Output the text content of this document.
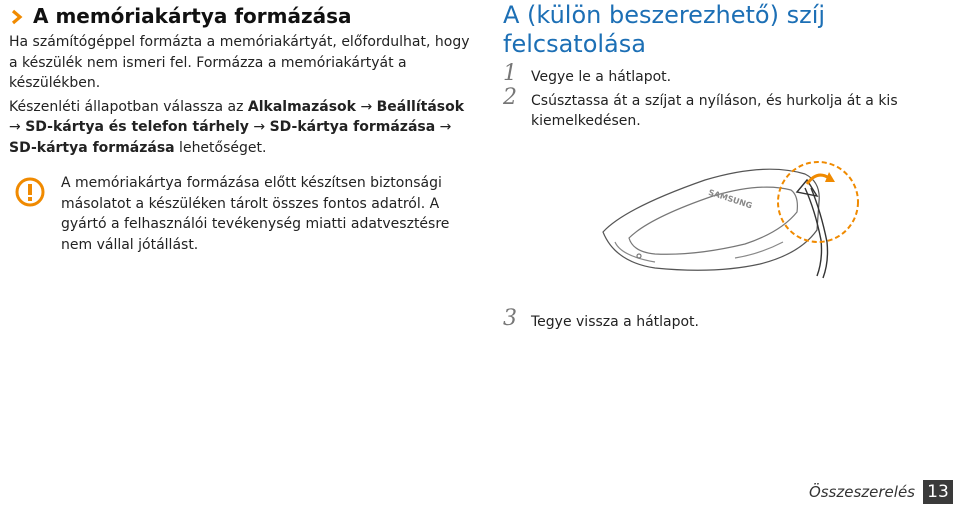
A memóriakártya formázása

Ha számítógéppel formázta a memóriakártyát, előfordulhat, hogy a készülék nem ismeri fel. Formázza a memóriakártyát a készülékben.

Készenléti állapotban válassza az Alkalmazások → Beállítások
→ SD-kártya és telefon tárhely → SD-kártya formázása →
SD-kártya formázása lehetőséget.

A memóriakártya formázása előtt készítsen biztonsági másolatot a készüléken tárolt összes fontos adatról. A gyártó a felhasználói tevékenység miatti adatvesztésre nem vállal jótállást.
A (külön beszerezhető) szíj felcsatolása
1 Vegye le a hátlapot.
2 Csúsztassa át a szíjat a nyíláson, és hurkolja át a kis kiemelkedésen.
SAMSUNG
3 Tegye vissza a hátlapot.
Összeszerelés 13
